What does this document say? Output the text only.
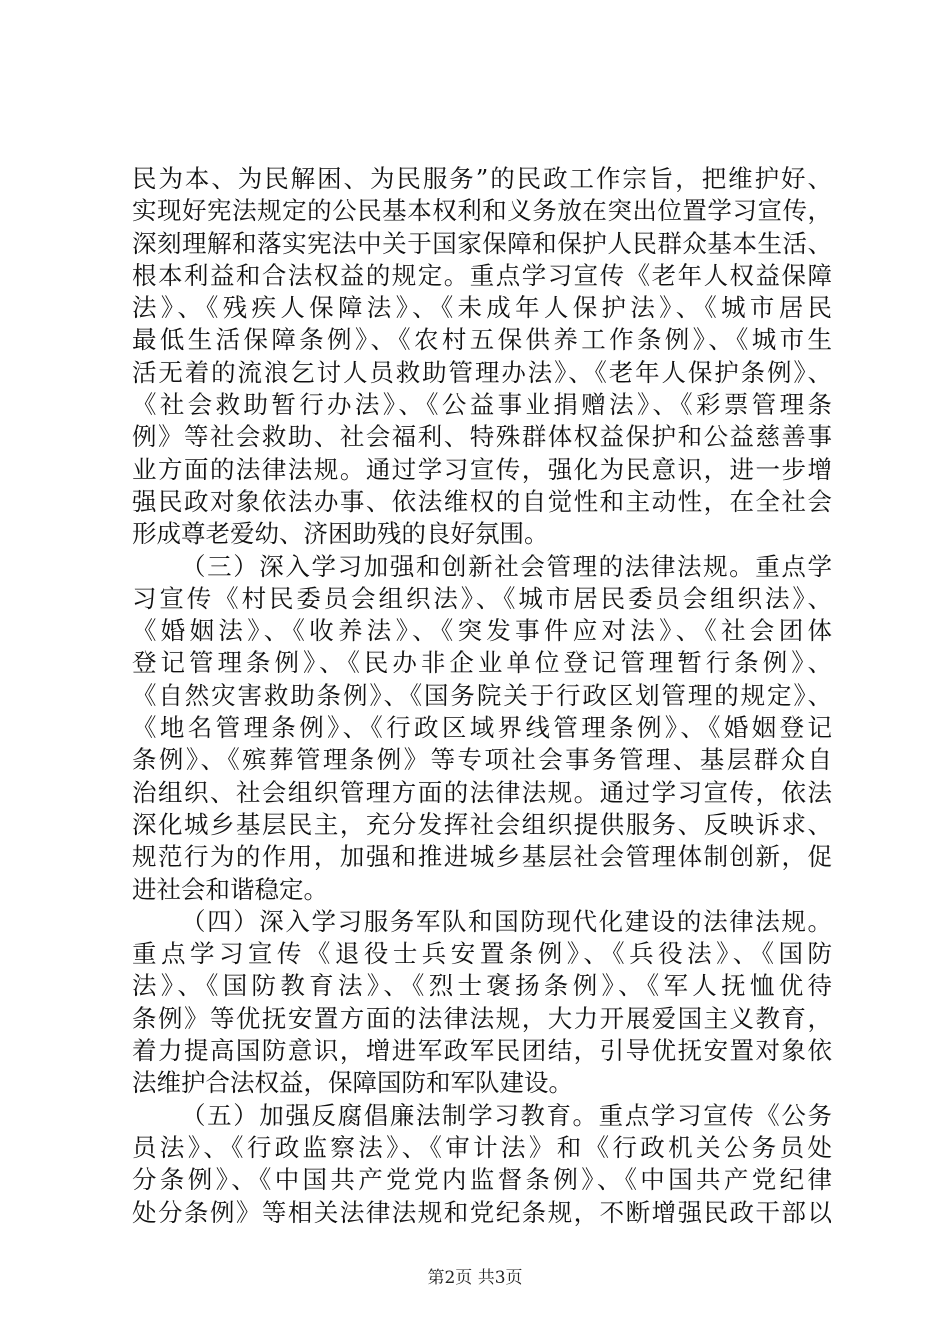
民为本、为民解困、为民服务”的民政工作宗旨，把维护好、
实现好宪法规定的公民基本权利和义务放在突出位置学习宣传，
深刻理解和落实宪法中关于国家保障和保护人民群众基本生活、
根本利益和合法权益的规定。重点学习宣传《老年人权益保障
法》、《残疾人保障法》、《未成年人保护法》、《城市居民
最低生活保障条例》、《农村五保供养工作条例》、《城市生
活无着的流浪乞讨人员救助管理办法》、《老年人保护条例》、
《社会救助暂行办法》、《公益事业捐赠法》、《彩票管理条
例》等社会救助、社会福利、特殊群体权益保护和公益慈善事
业方面的法律法规。通过学习宣传，强化为民意识，进一步增
强民政对象依法办事、依法维权的自觉性和主动性，在全社会
形成尊老爱幼、济困助残的良好氛围。
（三）深入学习加强和创新社会管理的法律法规。重点学
习宣传《村民委员会组织法》、《城市居民委员会组织法》、
《婚姻法》、《收养法》、《突发事件应对法》、《社会团体
登记管理条例》、《民办非企业单位登记管理暂行条例》、
《自然灾害救助条例》、《国务院关于行政区划管理的规定》、
《地名管理条例》、《行政区域界线管理条例》、《婚姻登记
条例》、《殡葬管理条例》等专项社会事务管理、基层群众自
治组织、社会组织管理方面的法律法规。通过学习宣传，依法
深化城乡基层民主，充分发挥社会组织提供服务、反映诉求、
规范行为的作用，加强和推进城乡基层社会管理体制创新，促
进社会和谐稳定。
（四）深入学习服务军队和国防现代化建设的法律法规。
重点学习宣传《退役士兵安置条例》、《兵役法》、《国防
法》、《国防教育法》、《烈士褒扬条例》、《军人抚恤优待
条例》等优抚安置方面的法律法规，大力开展爱国主义教育，
着力提高国防意识，增进军政军民团结，引导优抚安置对象依
法维护合法权益，保障国防和军队建设。
（五）加强反腐倡廉法制学习教育。重点学习宣传《公务
员法》、《行政监察法》、《审计法》和《行政机关公务员处
分条例》、《中国共产党党内监督条例》、《中国共产党纪律
处分条例》等相关法律法规和党纪条规，不断增强民政干部以
第2页 共3页
